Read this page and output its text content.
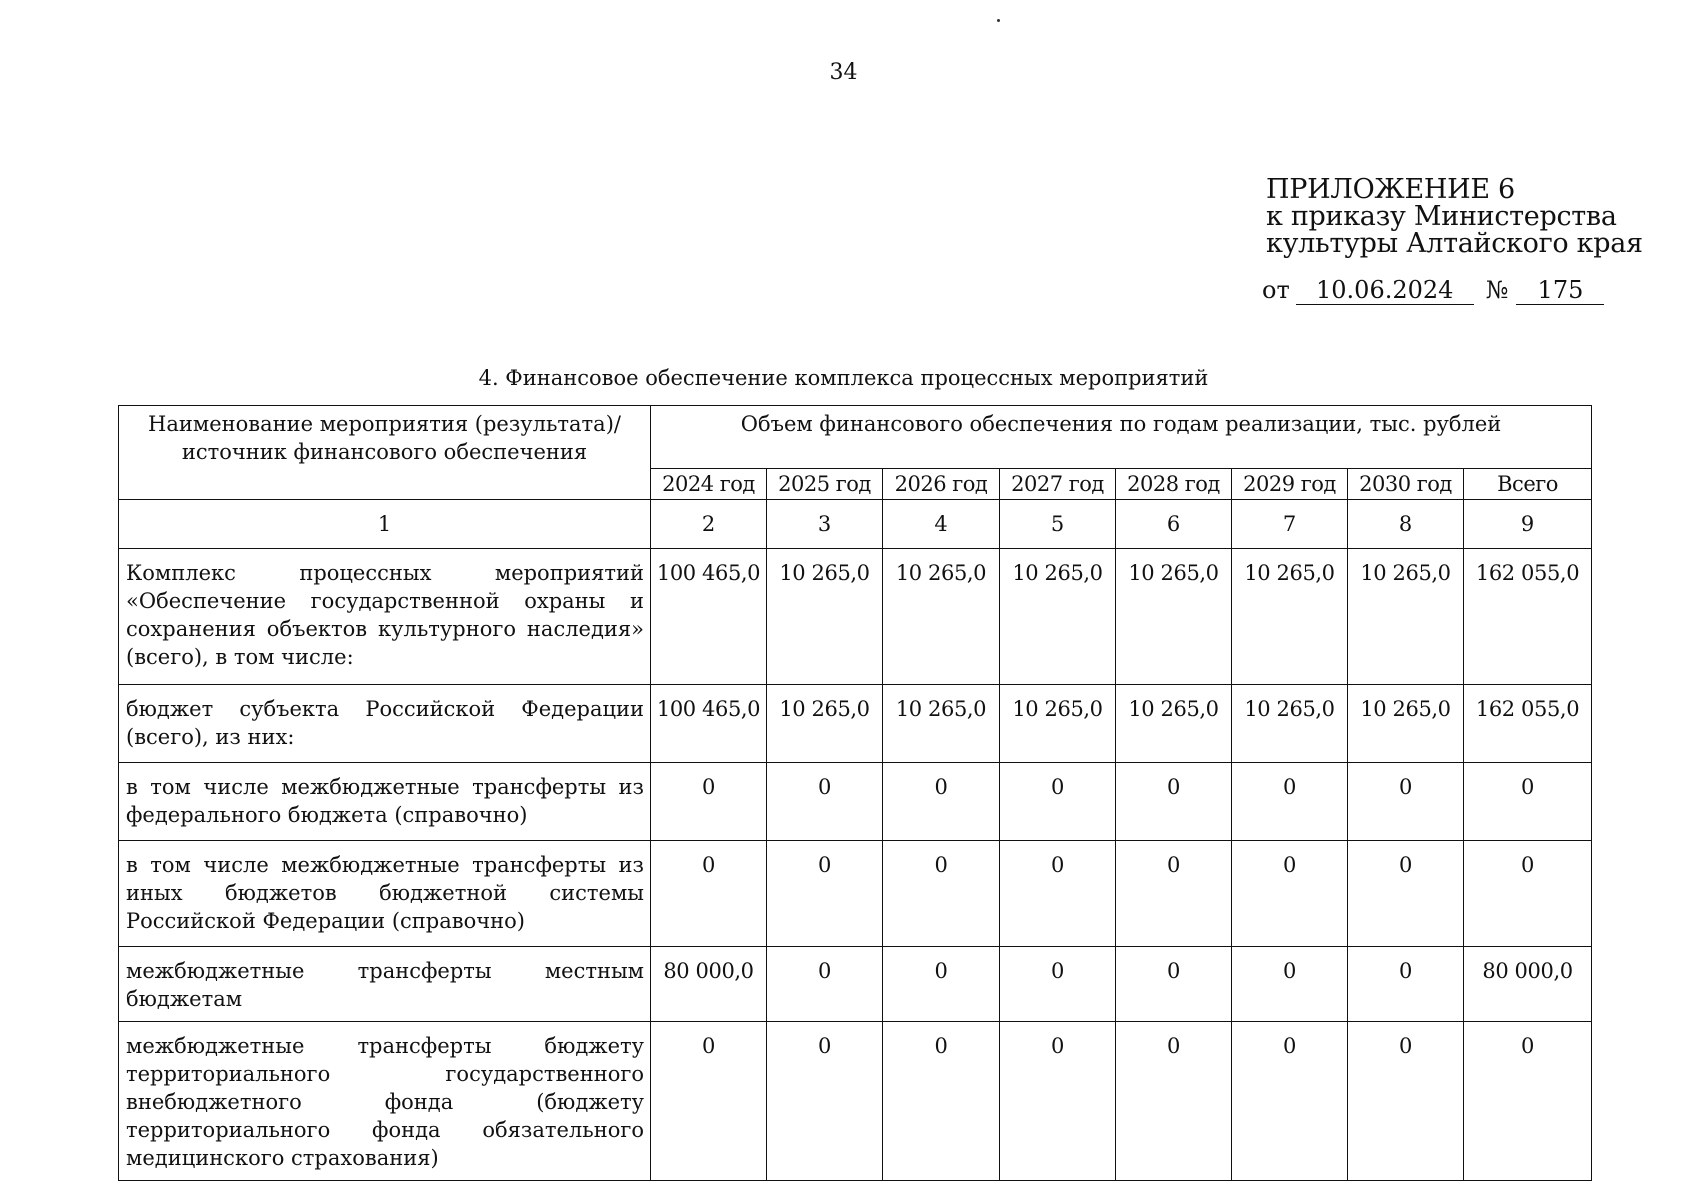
34
ПРИЛОЖЕНИЕ 6
к приказу Министерства
культуры Алтайского края
от 10.06.2024 № 175
4. Финансовое обеспечение комплекса процессных мероприятий
Наименование мероприятия (результата)/ источник финансового обеспечения	Объем финансового обеспечения по годам реализации, тыс. рублей							
	2024 год	2025 год	2026 год	2027 год	2028 год	2029 год	2030 год	Всего
1	2	3	4	5	6	7	8	9
Комплекс процессных мероприятий «Обеспечение государственной охраны и сохранения объектов культурного наследия» (всего), в том числе:	100 465,0	10 265,0	10 265,0	10 265,0	10 265,0	10 265,0	10 265,0	162 055,0
бюджет субъекта Российской Федерации (всего), из них:	100 465,0	10 265,0	10 265,0	10 265,0	10 265,0	10 265,0	10 265,0	162 055,0
в том числе межбюджетные трансферты из федерального бюджета (справочно)	0	0	0	0	0	0	0	0
в том числе межбюджетные трансферты из иных бюджетов бюджетной системы Российской Федерации (справочно)	0	0	0	0	0	0	0	0
межбюджетные трансферты местным бюджетам	80 000,0	0	0	0	0	0	0	80 000,0
межбюджетные трансферты бюджету территориального государственного внебюджетного фонда (бюджету территориального фонда обязательного медицинского страхования)	0	0	0	0	0	0	0	0
